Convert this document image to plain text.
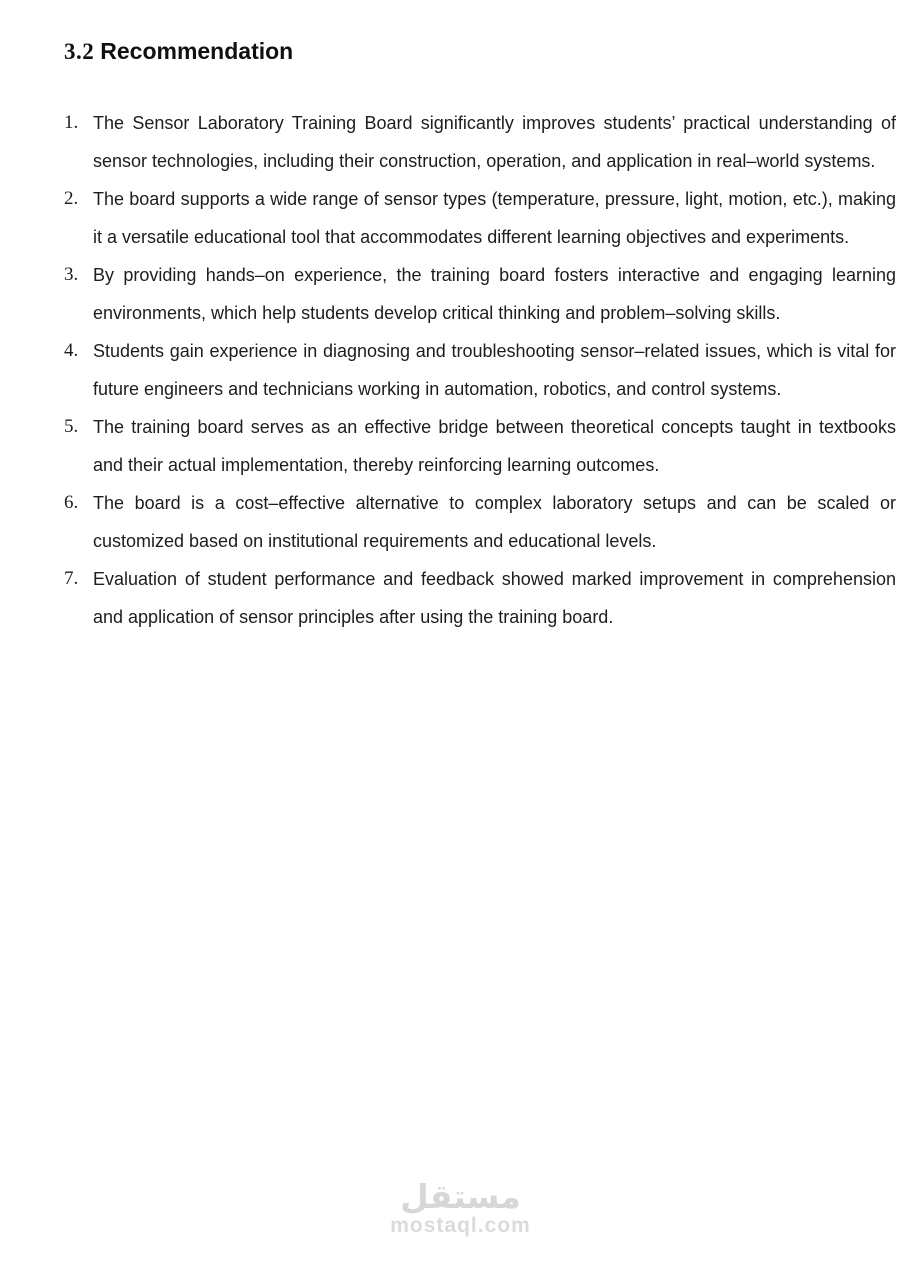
3.2 Recommendation
1. The Sensor Laboratory Training Board significantly improves students’ practical understanding of sensor technologies, including their construction, operation, and application in real–world systems.
2. The board supports a wide range of sensor types (temperature, pressure, light, motion, etc.), making it a versatile educational tool that accommodates different learning objectives and experiments.
3. By providing hands–on experience, the training board fosters interactive and engaging learning environments, which help students develop critical thinking and problem–solving skills.
4. Students gain experience in diagnosing and troubleshooting sensor–related issues, which is vital for future engineers and technicians working in automation, robotics, and control systems.
5. The training board serves as an effective bridge between theoretical concepts taught in textbooks and their actual implementation, thereby reinforcing learning outcomes.
6. The board is a cost–effective alternative to complex laboratory setups and can be scaled or customized based on institutional requirements and educational levels.
7. Evaluation of student performance and feedback showed marked improvement in comprehension and application of sensor principles after using the training board.
مستقل
mostaql.com
